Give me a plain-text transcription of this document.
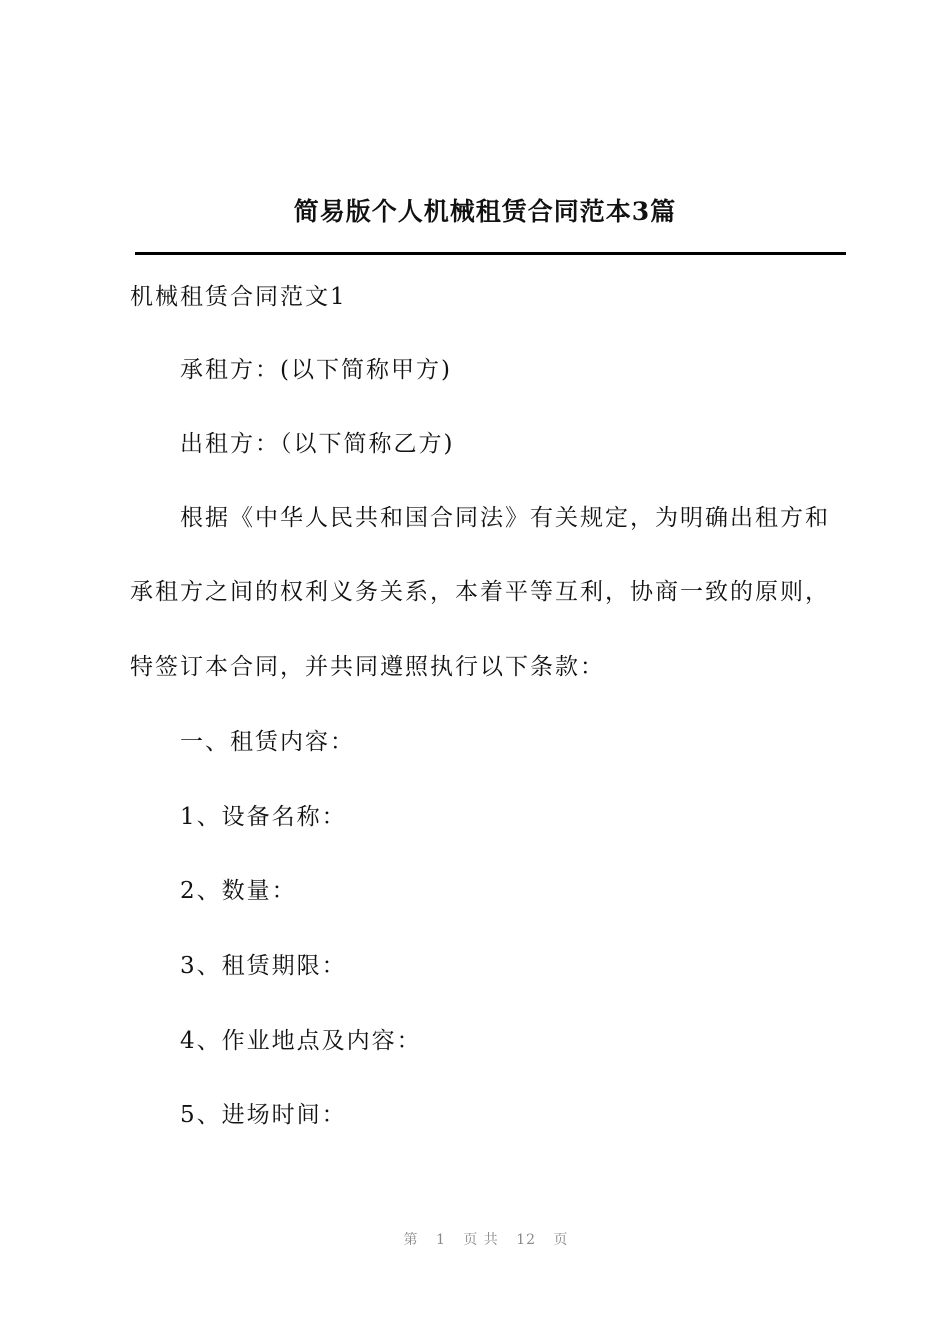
简易版个人机械租赁合同范本3篇
机械租赁合同范文1
承租方：(以下简称甲方)
出租方：（以下简称乙方)
根据《中华人民共和国合同法》有关规定，为明确出租方和
承租方之间的权利义务关系，本着平等互利，协商一致的原则，
特签订本合同，并共同遵照执行以下条款：
一、租赁内容：
1、设备名称：
2、数量：
3、租赁期限：
4、作业地点及内容：
5、进场时间：
第 1 页 共 12 页
